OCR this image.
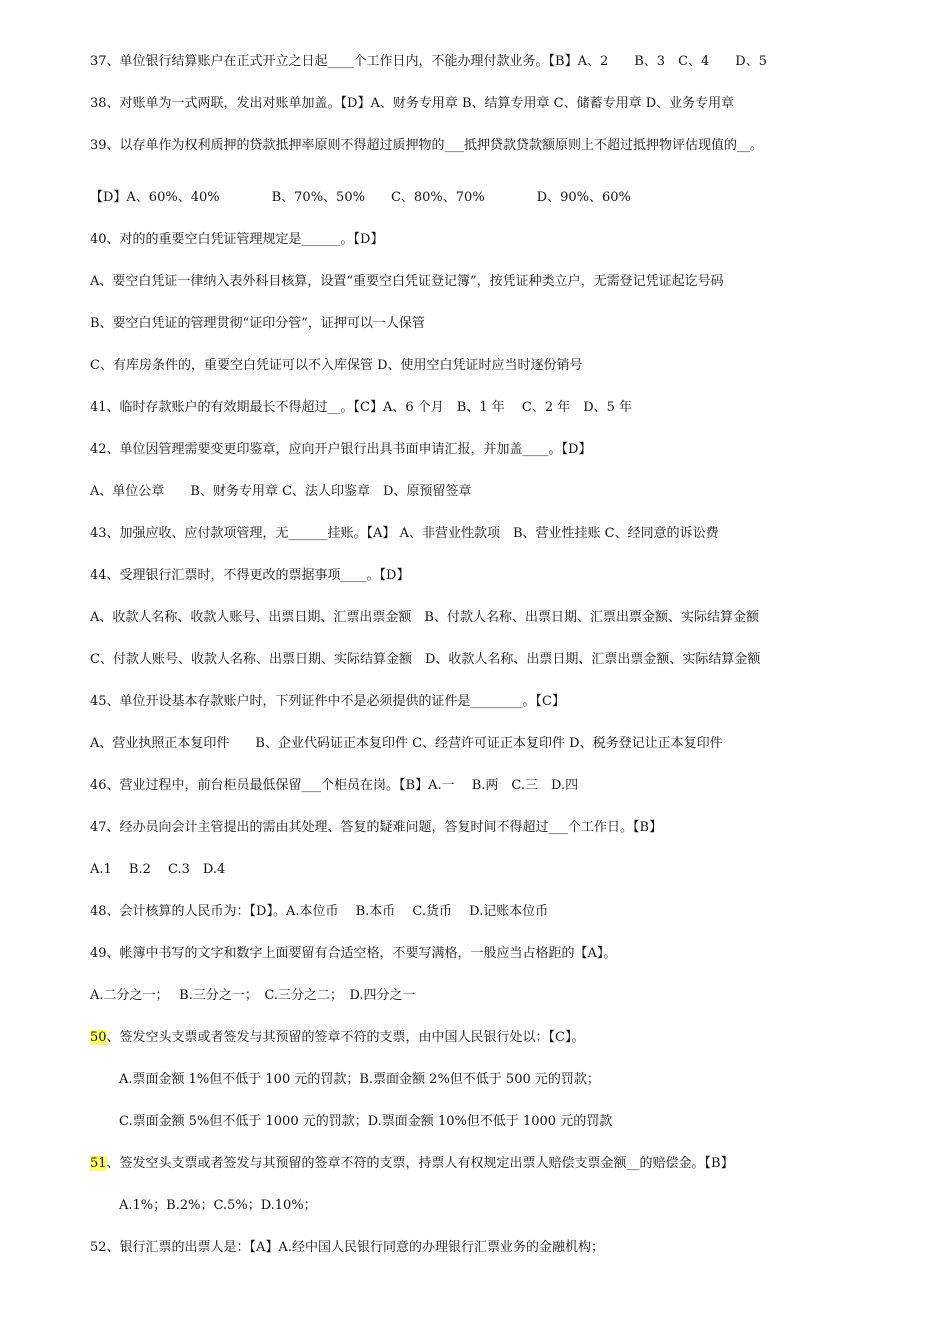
37、单位银行结算账户在正式开立之日起____个工作日内，不能办理付款业务。【B】A、2　　B、3　C、4　　D、5
38、对账单为一式两联，发出对账单加盖。【D】A、财务专用章 B、结算专用章 C、储蓄专用章 D、业务专用章
39、以存单作为权利质押的贷款抵押率原则不得超过质押物的___抵押贷款贷款额原则上不超过抵押物评估现值的__。
【D】A、60%、40%　　　　B、70%、50%　　C、80%、70%　　　　D、90%、60%
40、对的的重要空白凭证管理规定是______。【D】
A、要空白凭证一律纳入表外科目核算，设置“重要空白凭证登记簿”，按凭证种类立户，无需登记凭证起讫号码
B、要空白凭证的管理贯彻“证印分管”，证押可以一人保管
C、有库房条件的，重要空白凭证可以不入库保管 D、使用空白凭证时应当时逐份销号
41、临时存款账户的有效期最长不得超过__。【C】A、6 个月　B、1 年　 C、2 年　D、5 年
42、单位因管理需要变更印鉴章，应向开户银行出具书面申请汇报，并加盖____。【D】
A、单位公章　　B、财务专用章 C、法人印鉴章　D、原预留签章
43、加强应收、应付款项管理，无______挂账。【A】 A、非营业性款项　B、营业性挂账 C、经同意的诉讼费
44、受理银行汇票时，不得更改的票据事项____。【D】
A、收款人名称、收款人账号、出票日期、汇票出票金额　B、付款人名称、出票日期、汇票出票金额、实际结算金额
C、付款人账号、收款人名称、出票日期、实际结算金额　D、收款人名称、出票日期、汇票出票金额、实际结算金额
45、单位开设基本存款账户时，下列证件中不是必须提供的证件是________。【C】
A、营业执照正本复印件　　B、企业代码证正本复印件 C、经营许可证正本复印件 D、税务登记让正本复印件
46、营业过程中，前台柜员最低保留___个柜员在岗。【B】A.一　 B.两　C.三　D.四
47、经办员向会计主管提出的需由其处理、答复的疑难问题，答复时间不得超过___个工作日。【B】
A.1　 B.2　 C.3　D.4
48、会计核算的人民币为：【D】。A.本位币　 B.本币　 C.货币　 D.记账本位币
49、帐簿中书写的文字和数字上面要留有合适空格，不要写满格，一般应当占格距的【A】。
A.二分之一；　 B.三分之一；　C.三分之二；　D.四分之一
50、签发空头支票或者签发与其预留的签章不符的支票，由中国人民银行处以：【C】。
A.票面金额 1%但不低于 100 元的罚款；B.票面金额 2%但不低于 500 元的罚款；
C.票面金额 5%但不低于 1000 元的罚款；D.票面金额 10%但不低于 1000 元的罚款
51、签发空头支票或者签发与其预留的签章不符的支票，持票人有权规定出票人赔偿支票金额__的赔偿金。【B】
A.1%；B.2%；C.5%；D.10%；
52、银行汇票的出票人是：【A】A.经中国人民银行同意的办理银行汇票业务的金融机构；
